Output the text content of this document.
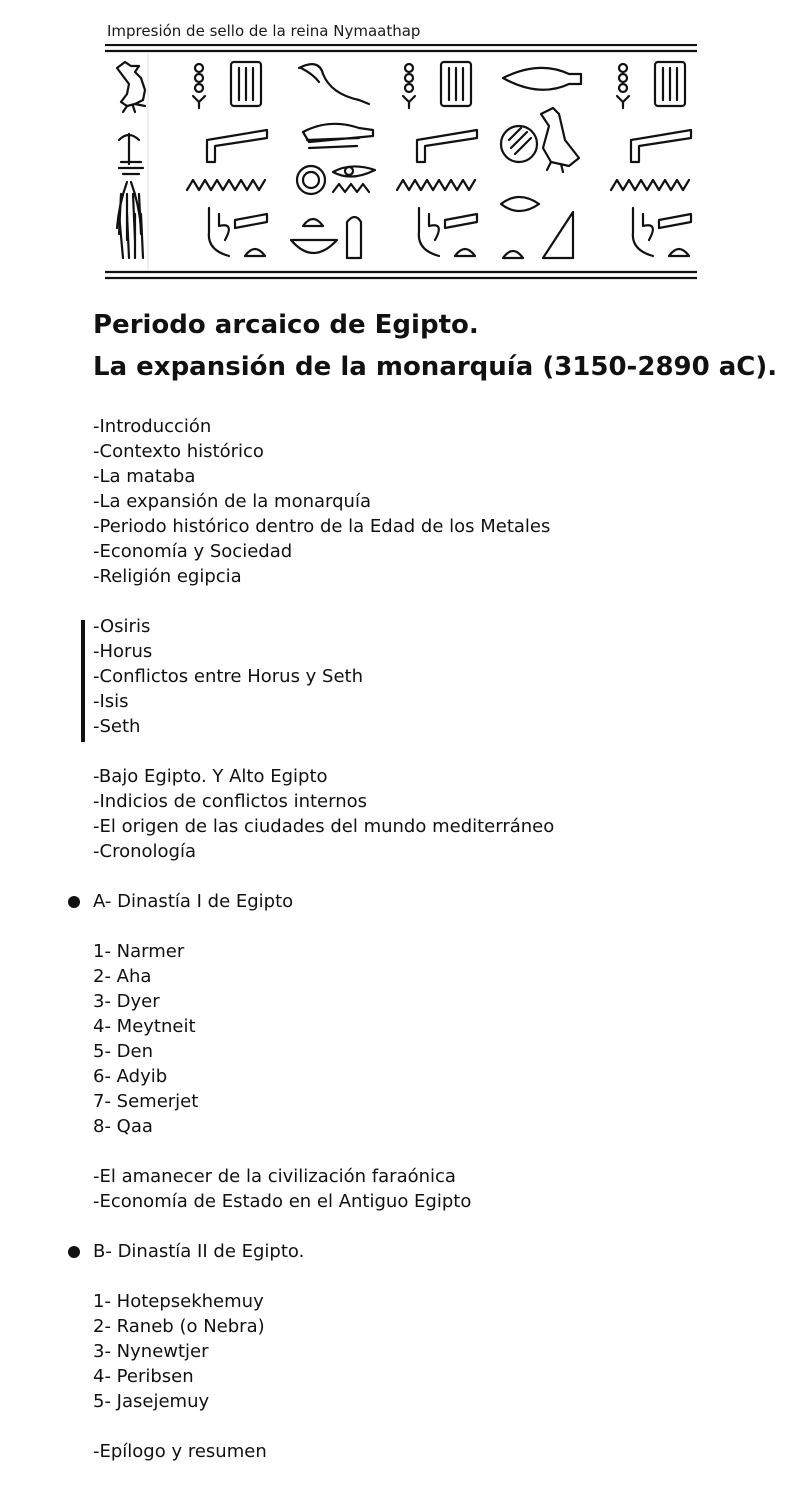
Impresión de sello de la reina Nymaathap
Periodo arcaico de Egipto.
La expansión de la monarquía (3150-2890 aC).
-Introducción
-Contexto histórico
-La mataba
-La expansión de la monarquía
-Periodo histórico dentro de la Edad de los Metales
-Economía y Sociedad
-Religión egipcia
-Osiris
-Horus
-Conflictos entre Horus y Seth
-Isis
-Seth
-Bajo Egipto. Y Alto Egipto
-Indicios de conflictos internos
-El origen de las ciudades del mundo mediterráneo
-Cronología
A- Dinastía I de Egipto
1- Narmer
2- Aha
3- Dyer
4- Meytneit
5- Den
6- Adyib
7- Semerjet
8- Qaa
-El amanecer de la civilización faraónica
-Economía de Estado en el Antiguo Egipto
B- Dinastía II de Egipto.
1- Hotepsekhemuy
2- Raneb (o Nebra)
3- Nynewtjer
4- Peribsen
5- Jasejemuy
-Epílogo y resumen
